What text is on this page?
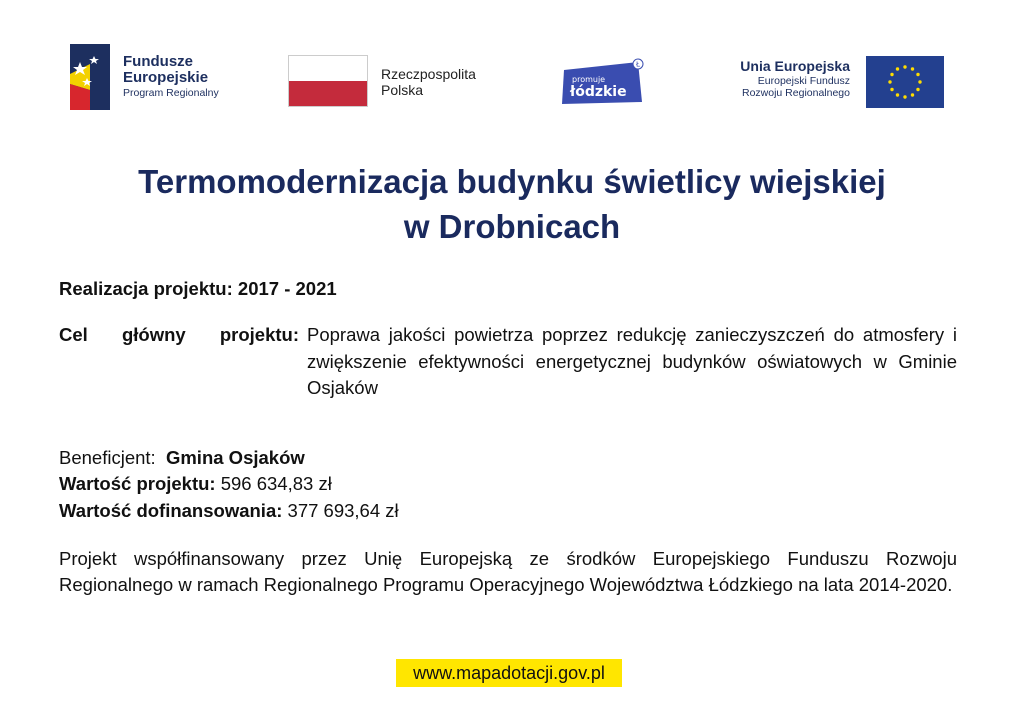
Fundusze
Europejskie
Program Regionalny
Rzeczpospolita
Polska
Ł
promuje
łódzkie
Unia Europejska
Europejski Fundusz
Rozwoju Regionalnego
Termomodernizacja budynku świetlicy wiejskiej
w Drobnicach
Realizacja projektu: 2017 - 2021
Cel główny projektu: Poprawa jakości powietrza poprzez redukcję zanieczyszczeń do atmosfery i zwiększenie efektywności energetycznej budynków oświatowych w Gminie Osjaków
Beneficjent: Gmina Osjaków
Wartość projektu: 596 634,83 zł
Wartość dofinansowania: 377 693,64 zł
Projekt współfinansowany przez Unię Europejską ze środków Europejskiego Funduszu Rozwoju Regionalnego w ramach Regionalnego Programu Operacyjnego Województwa Łódzkiego na lata 2014-2020.
www.mapadotacji.gov.pl
